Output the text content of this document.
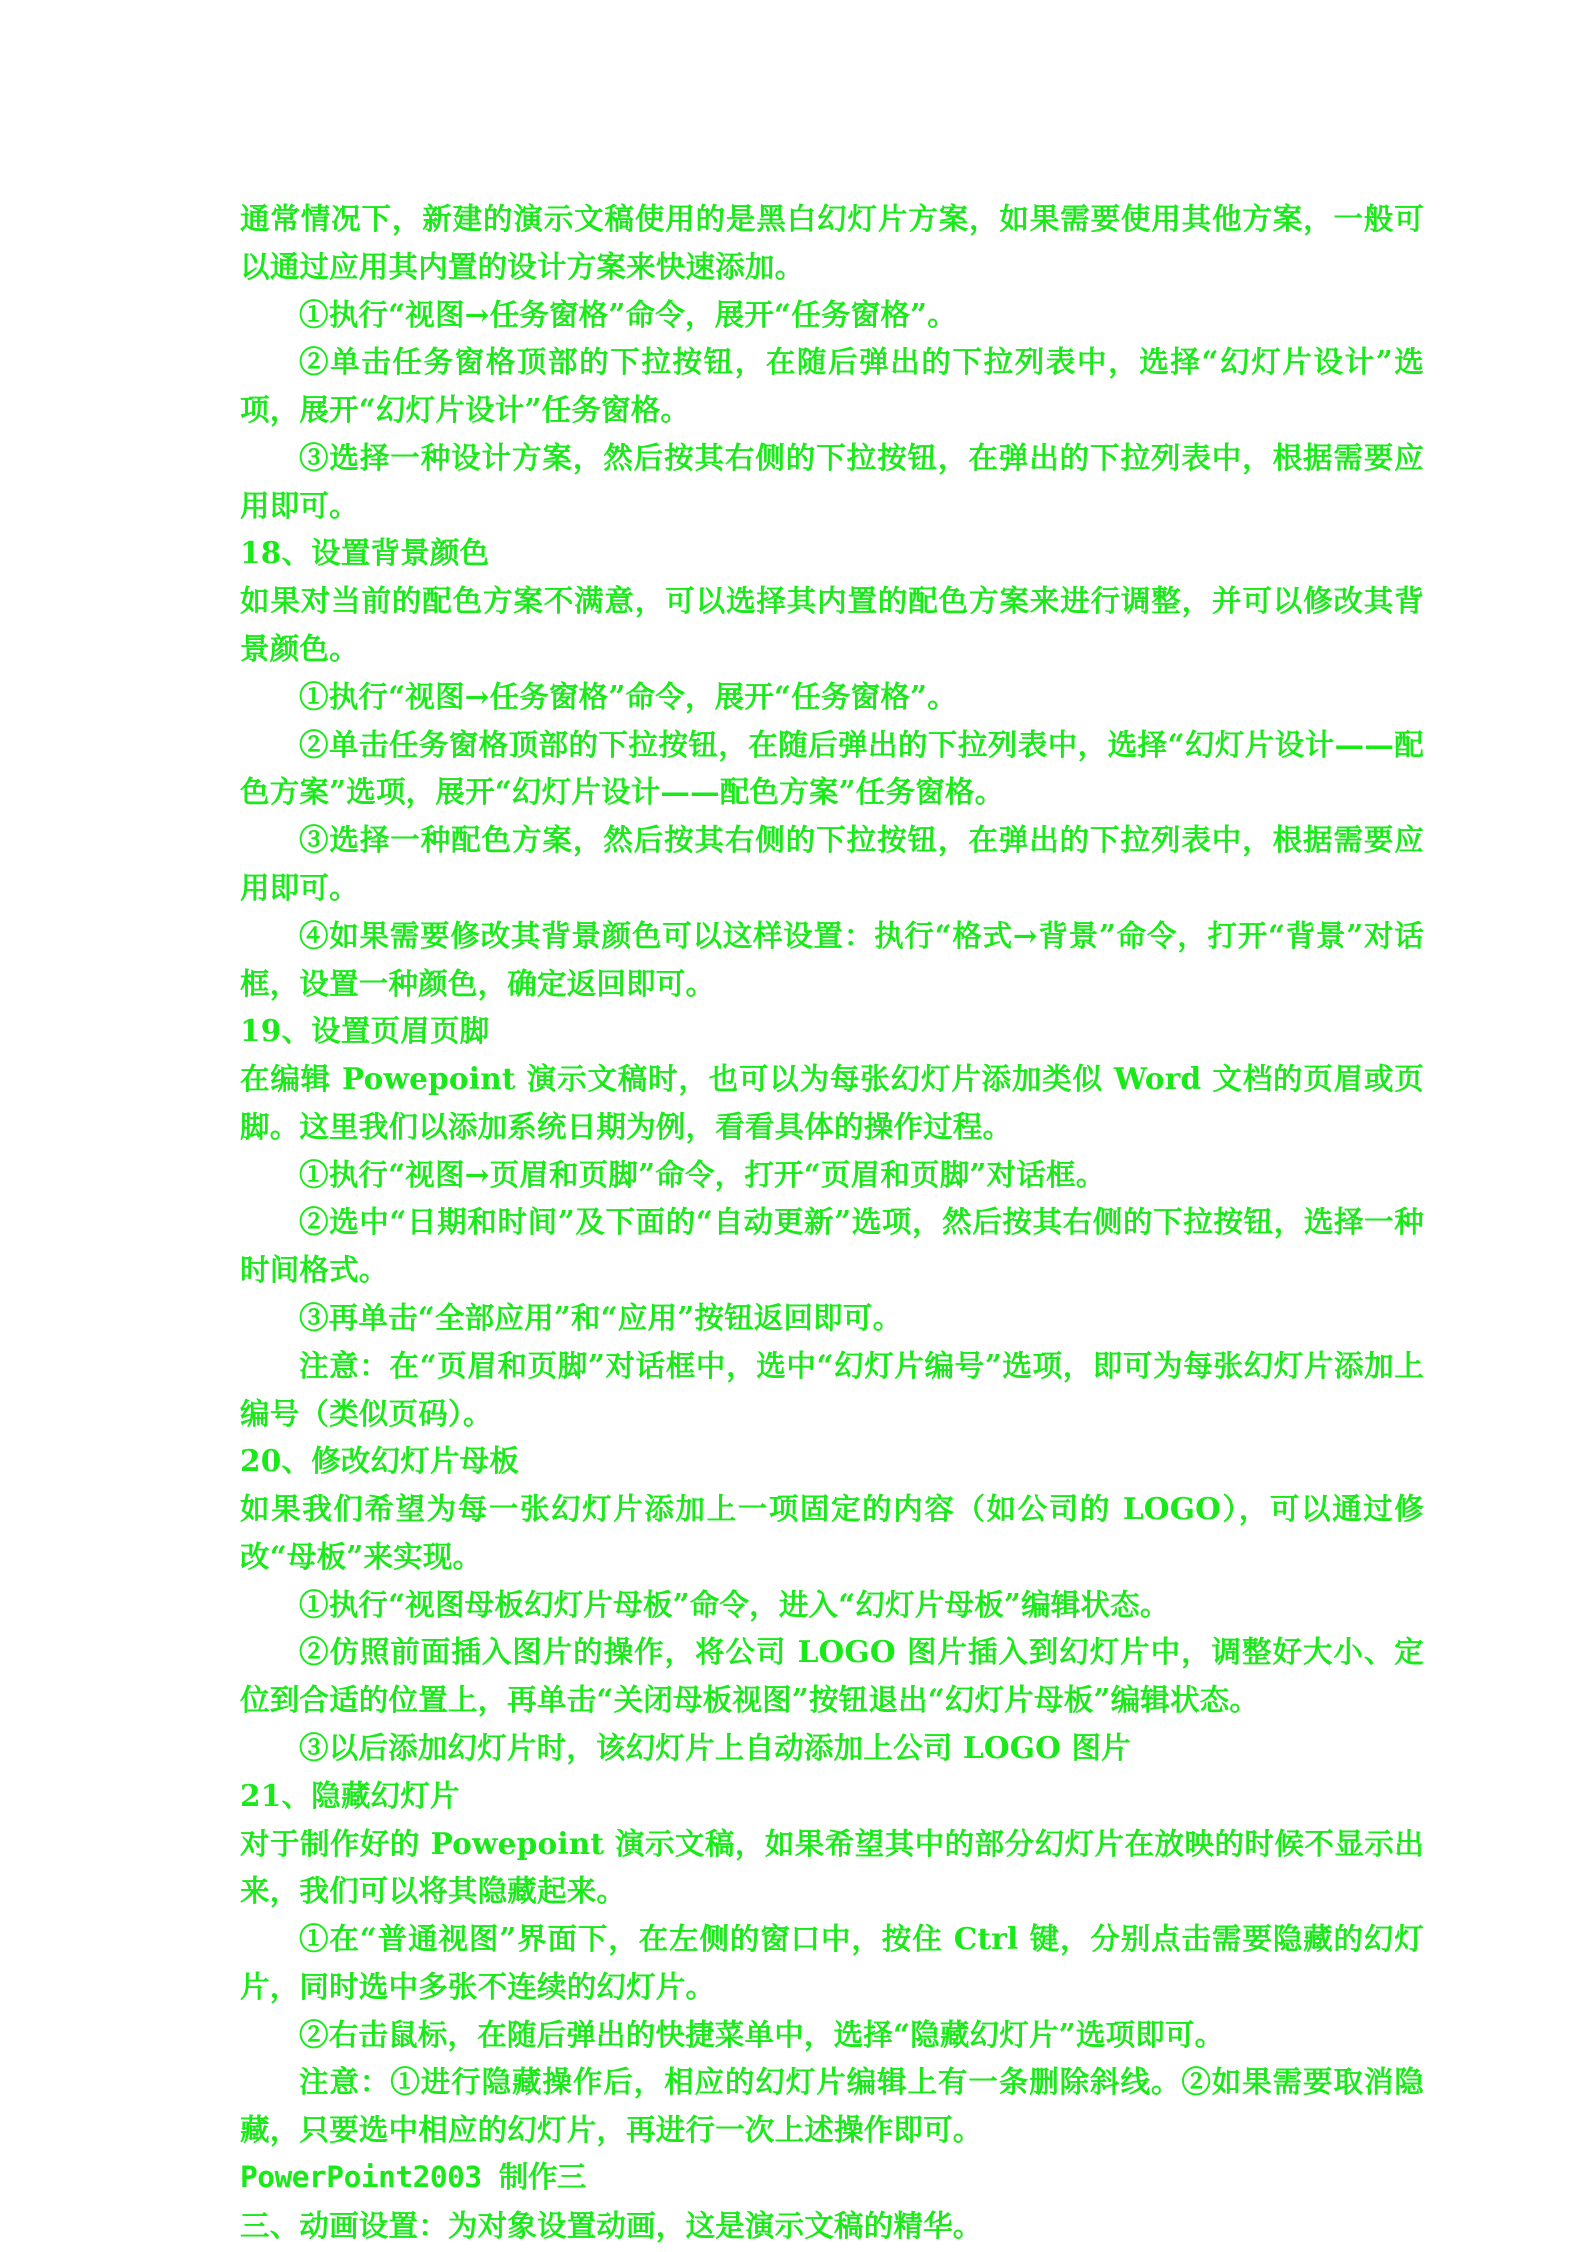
通常情况下，新建的演示文稿使用的是黑白幻灯片方案，如果需要使用其他方案，一般可以通过应用其内置的设计方案来快速添加。

①执行“视图→任务窗格”命令，展开“任务窗格”。

②单击任务窗格顶部的下拉按钮，在随后弹出的下拉列表中，选择“幻灯片设计”选项，展开“幻灯片设计”任务窗格。

③选择一种设计方案，然后按其右侧的下拉按钮，在弹出的下拉列表中，根据需要应用即可。

18、设置背景颜色

如果对当前的配色方案不满意，可以选择其内置的配色方案来进行调整，并可以修改其背景颜色。

①执行“视图→任务窗格”命令，展开“任务窗格”。

②单击任务窗格顶部的下拉按钮，在随后弹出的下拉列表中，选择“幻灯片设计——配色方案”选项，展开“幻灯片设计——配色方案”任务窗格。

③选择一种配色方案，然后按其右侧的下拉按钮，在弹出的下拉列表中，根据需要应用即可。

④如果需要修改其背景颜色可以这样设置：执行“格式→背景”命令，打开“背景”对话框，设置一种颜色，确定返回即可。

19、设置页眉页脚

在编辑 Powepoint 演示文稿时，也可以为每张幻灯片添加类似 Word 文档的页眉或页脚。这里我们以添加系统日期为例，看看具体的操作过程。

①执行“视图→页眉和页脚”命令，打开“页眉和页脚”对话框。

②选中“日期和时间”及下面的“自动更新”选项，然后按其右侧的下拉按钮，选择一种时间格式。

③再单击“全部应用”和“应用”按钮返回即可。

注意：在“页眉和页脚”对话框中，选中“幻灯片编号”选项，即可为每张幻灯片添加上编号（类似页码）。

20、修改幻灯片母板

如果我们希望为每一张幻灯片添加上一项固定的内容（如公司的 LOGO），可以通过修改“母板”来实现。

①执行“视图母板幻灯片母板”命令，进入“幻灯片母板”编辑状态。

②仿照前面插入图片的操作，将公司 LOGO 图片插入到幻灯片中，调整好大小、定位到合适的位置上，再单击“关闭母板视图”按钮退出“幻灯片母板”编辑状态。

③以后添加幻灯片时，该幻灯片上自动添加上公司 LOGO 图片

21、隐藏幻灯片

对于制作好的 Powepoint 演示文稿，如果希望其中的部分幻灯片在放映的时候不显示出来，我们可以将其隐藏起来。

①在“普通视图”界面下，在左侧的窗口中，按住 Ctrl 键，分别点击需要隐藏的幻灯片，同时选中多张不连续的幻灯片。

②右击鼠标，在随后弹出的快捷菜单中，选择“隐藏幻灯片”选项即可。

注意：①进行隐藏操作后，相应的幻灯片编辑上有一条删除斜线。②如果需要取消隐藏，只要选中相应的幻灯片，再进行一次上述操作即可。

PowerPoint2003 制作三

三、动画设置：为对象设置动画，这是演示文稿的精华。
